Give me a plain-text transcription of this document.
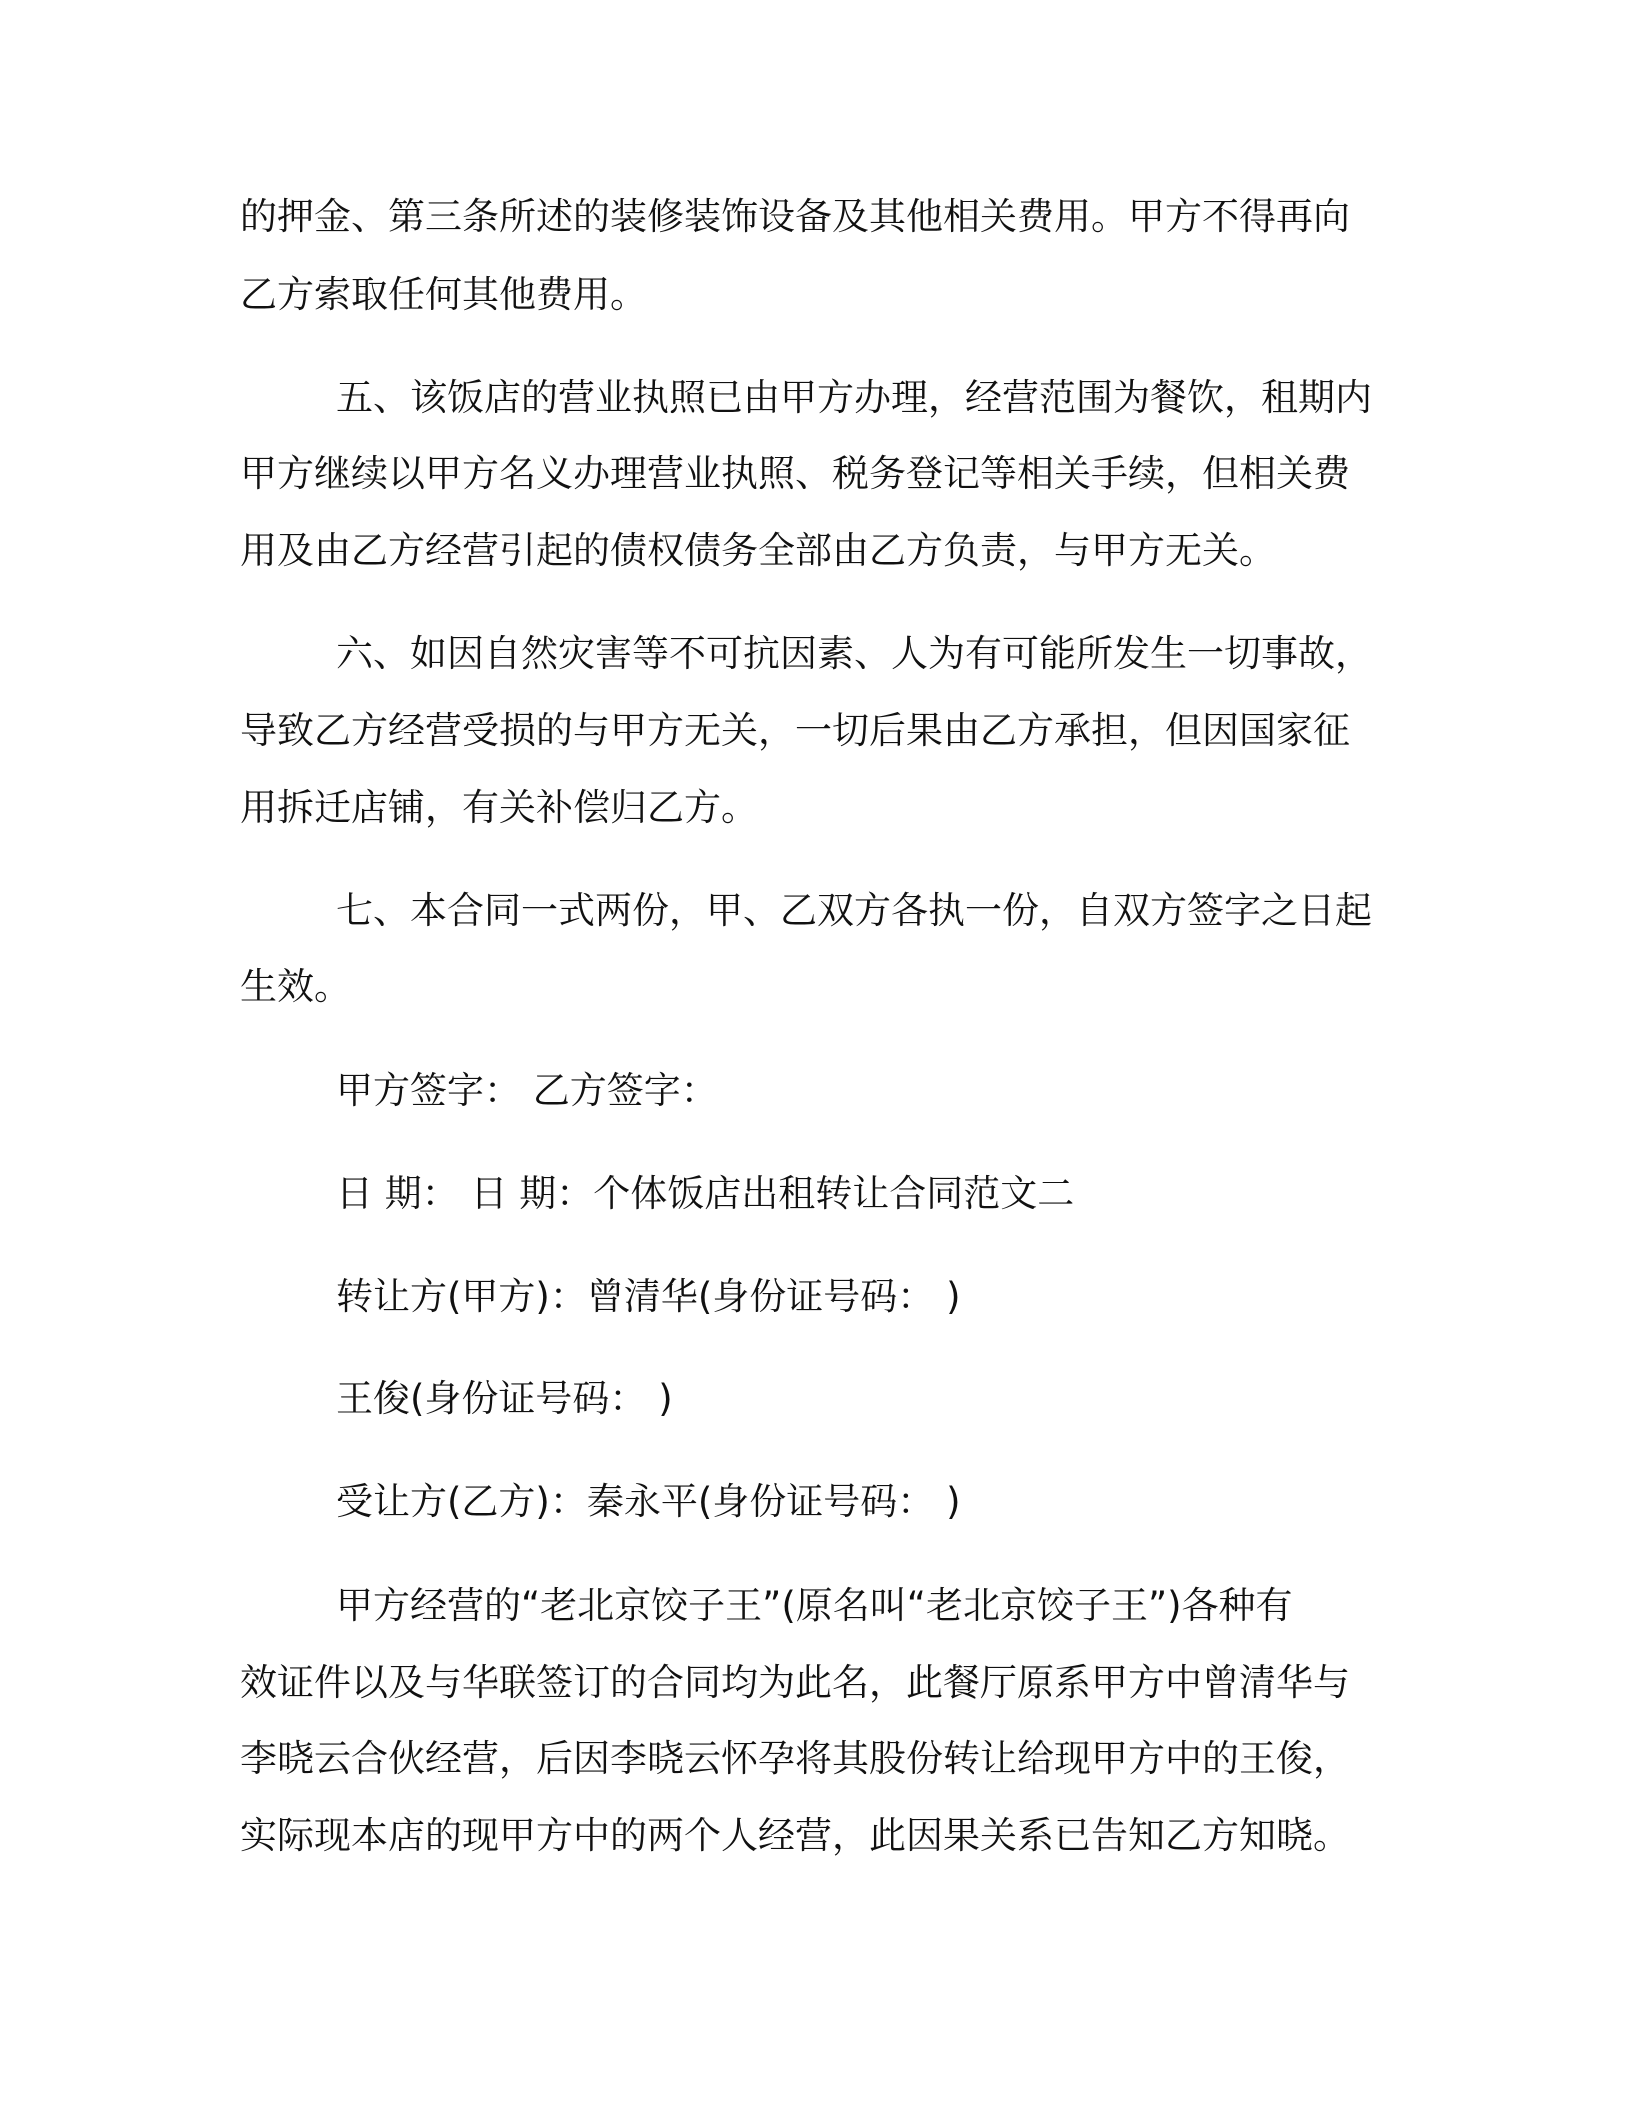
的押金、第三条所述的装修装饰设备及其他相关费用。甲方不得再向
乙方索取任何其他费用。
五、该饭店的营业执照已由甲方办理，经营范围为餐饮，租期内
甲方继续以甲方名义办理营业执照、税务登记等相关手续，但相关费
用及由乙方经营引起的债权债务全部由乙方负责，与甲方无关。
六、如因自然灾害等不可抗因素、人为有可能所发生一切事故，
导致乙方经营受损的与甲方无关，一切后果由乙方承担，但因国家征
用拆迁店铺，有关补偿归乙方。
七、本合同一式两份，甲、乙双方各执一份，自双方签字之日起
生效。
甲方签字： 乙方签字：
日 期： 日 期：个体饭店出租转让合同范文二
转让方(甲方)：曾清华(身份证号码： )
王俊(身份证号码： )
受让方(乙方)：秦永平(身份证号码： )
甲方经营的“老北京饺子王”(原名叫“老北京饺子王”)各种有
效证件以及与华联签订的合同均为此名，此餐厅原系甲方中曾清华与
李晓云合伙经营，后因李晓云怀孕将其股份转让给现甲方中的王俊，
实际现本店的现甲方中的两个人经营，此因果关系已告知乙方知晓。
